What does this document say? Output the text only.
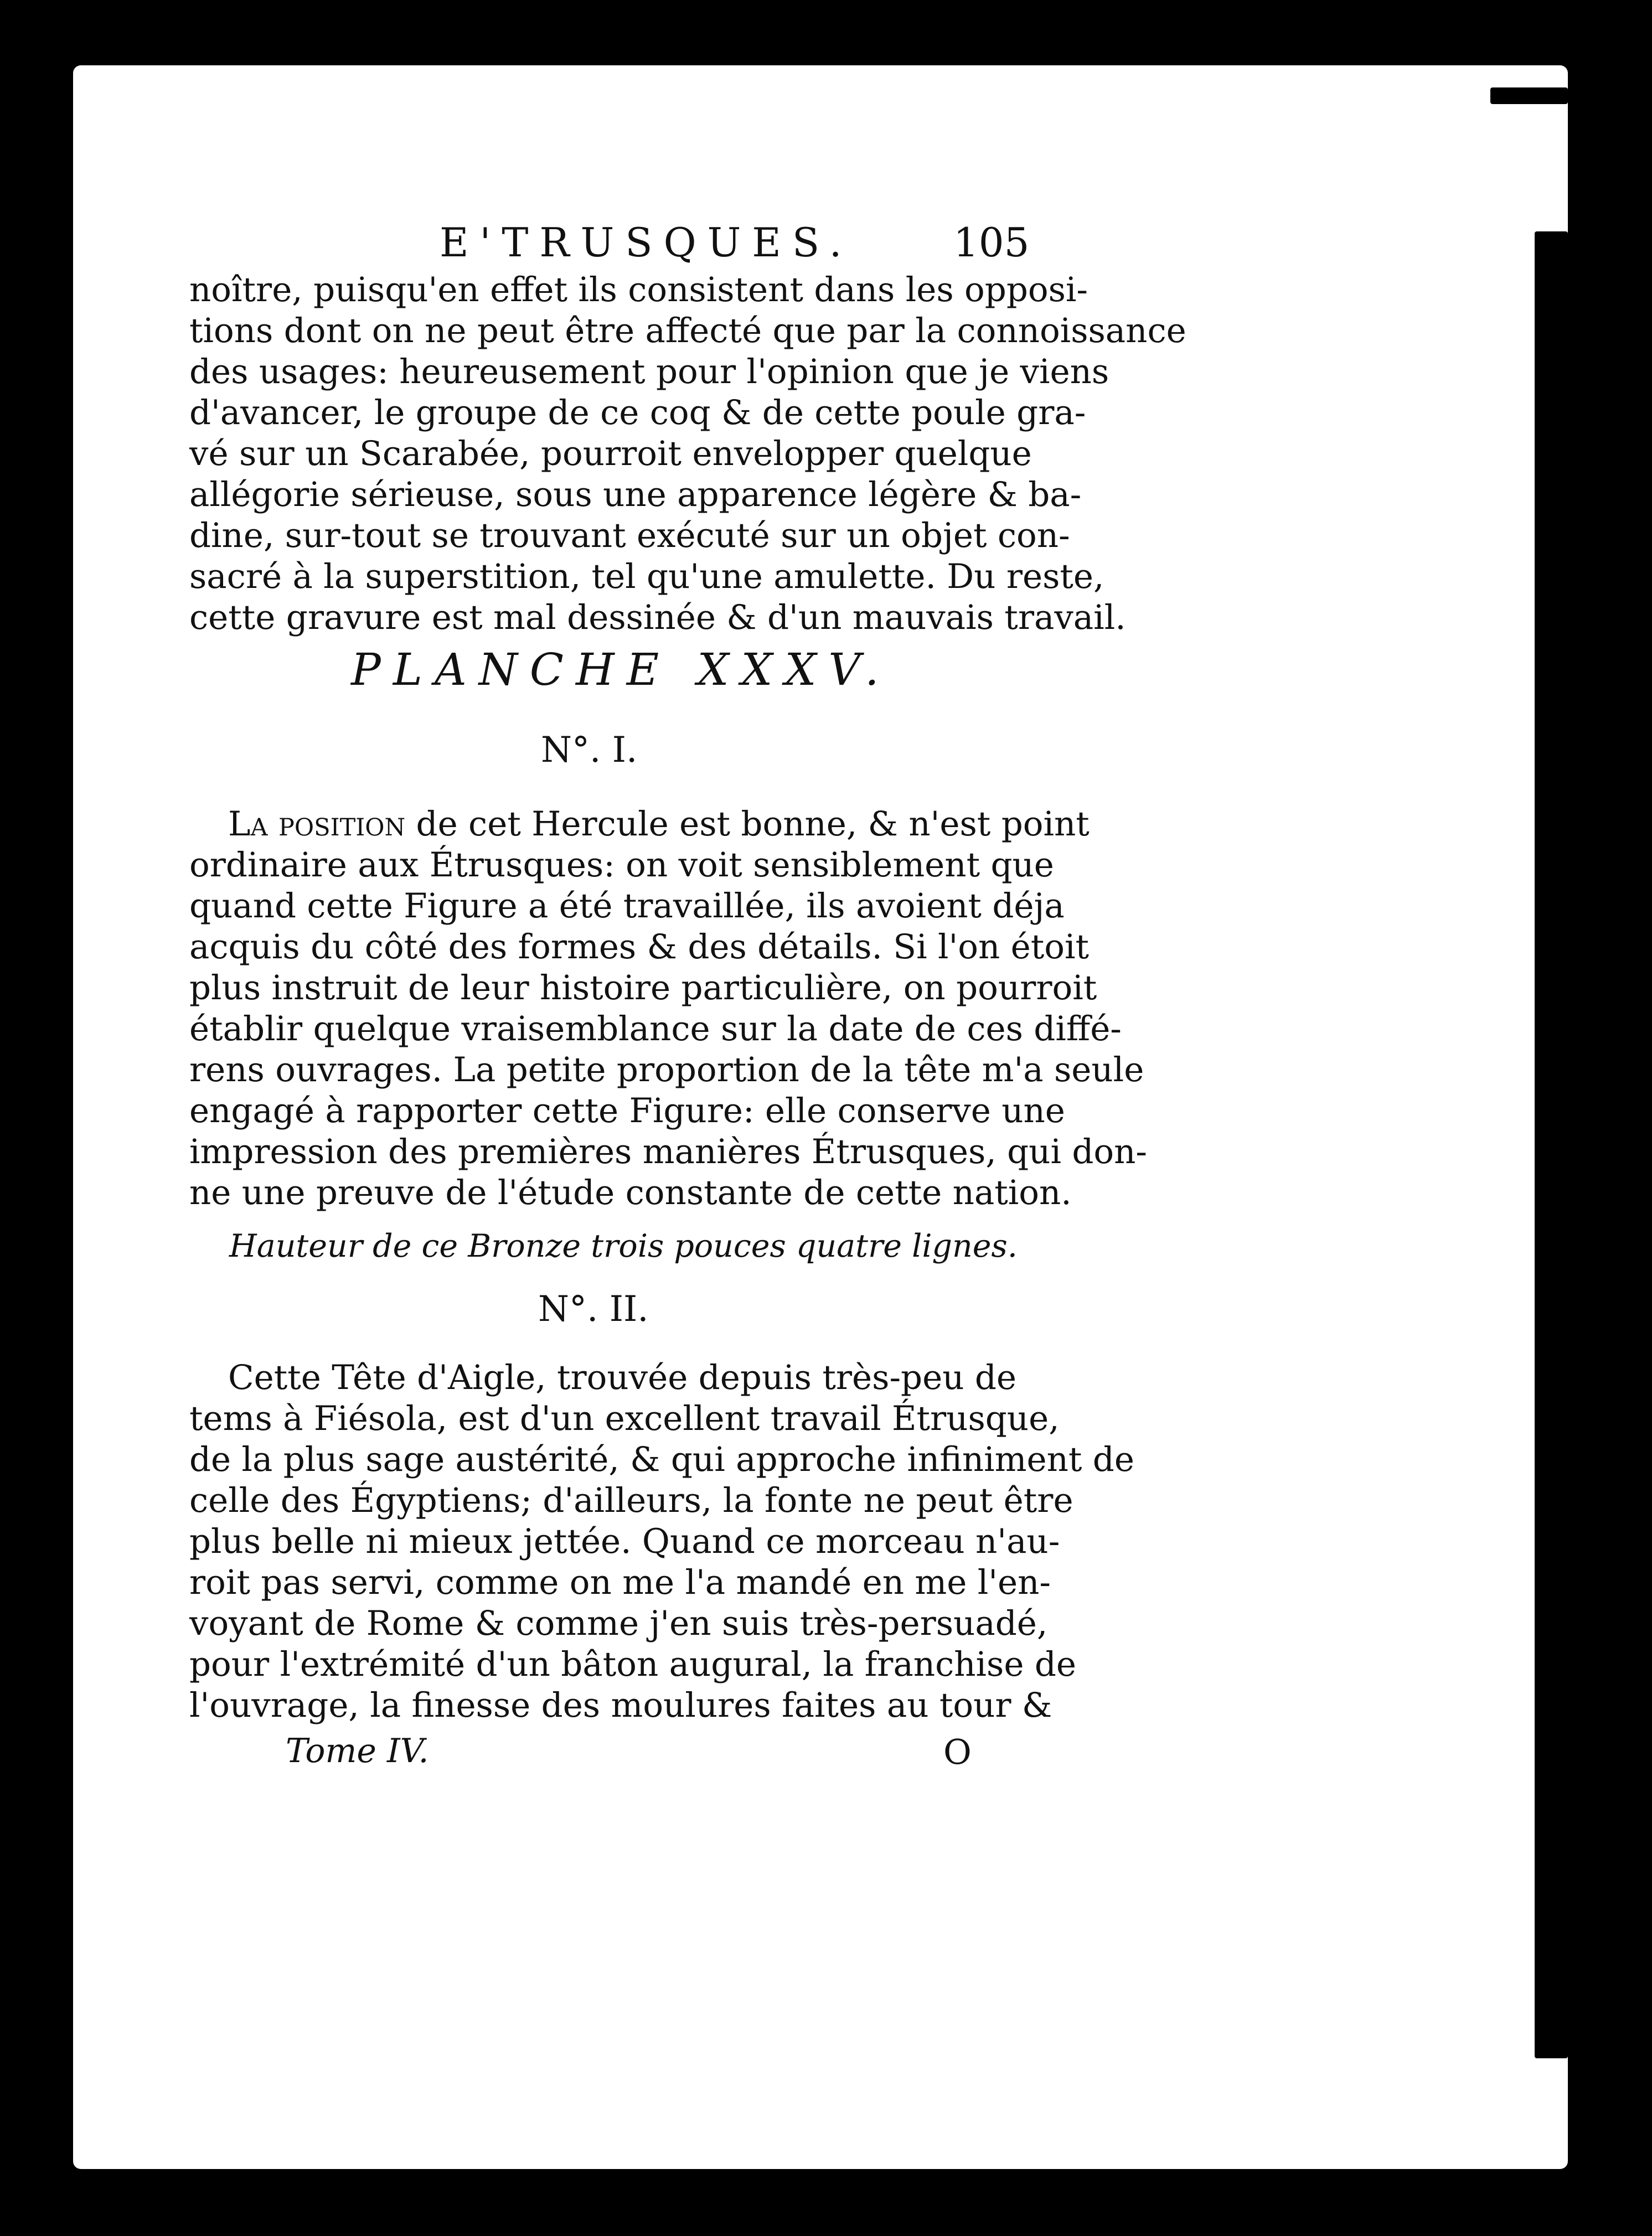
E'TRUSQUES.	105
noître, puisqu'en effet ils consistent dans les opposi-
tions dont on ne peut être affecté que par la connoissance
des usages: heureusement pour l'opinion que je viens
d'avancer, le groupe de ce coq & de cette poule gra-
vé sur un Scarabée, pourroit envelopper quelque
allégorie sérieuse, sous une apparence légère & ba-
dine, sur-tout se trouvant exécuté sur un objet con-
sacré à la superstition, tel qu'une amulette. Du reste,
cette gravure est mal dessinée & d'un mauvais travail.
PLANCHE XXXV.
N°. I.
La position de cet Hercule est bonne, & n'est point
ordinaire aux Étrusques: on voit sensiblement que
quand cette Figure a été travaillée, ils avoient déja
acquis du côté des formes & des détails. Si l'on étoit
plus instruit de leur histoire particulière, on pourroit
établir quelque vraisemblance sur la date de ces diffé-
rens ouvrages. La petite proportion de la tête m'a seule
engagé à rapporter cette Figure: elle conserve une
impression des premières manières Étrusques, qui don-
ne une preuve de l'étude constante de cette nation.
Hauteur de ce Bronze trois pouces quatre lignes.
N°. II.
Cette Tête d'Aigle, trouvée depuis très-peu de
tems à Fiésola, est d'un excellent travail Étrusque,
de la plus sage austérité, & qui approche infiniment de
celle des Égyptiens; d'ailleurs, la fonte ne peut être
plus belle ni mieux jettée. Quand ce morceau n'au-
roit pas servi, comme on me l'a mandé en me l'en-
voyant de Rome & comme j'en suis très-persuadé,
pour l'extrémité d'un bâton augural, la franchise de
l'ouvrage, la finesse des moulures faites au tour &
Tome IV.	O
